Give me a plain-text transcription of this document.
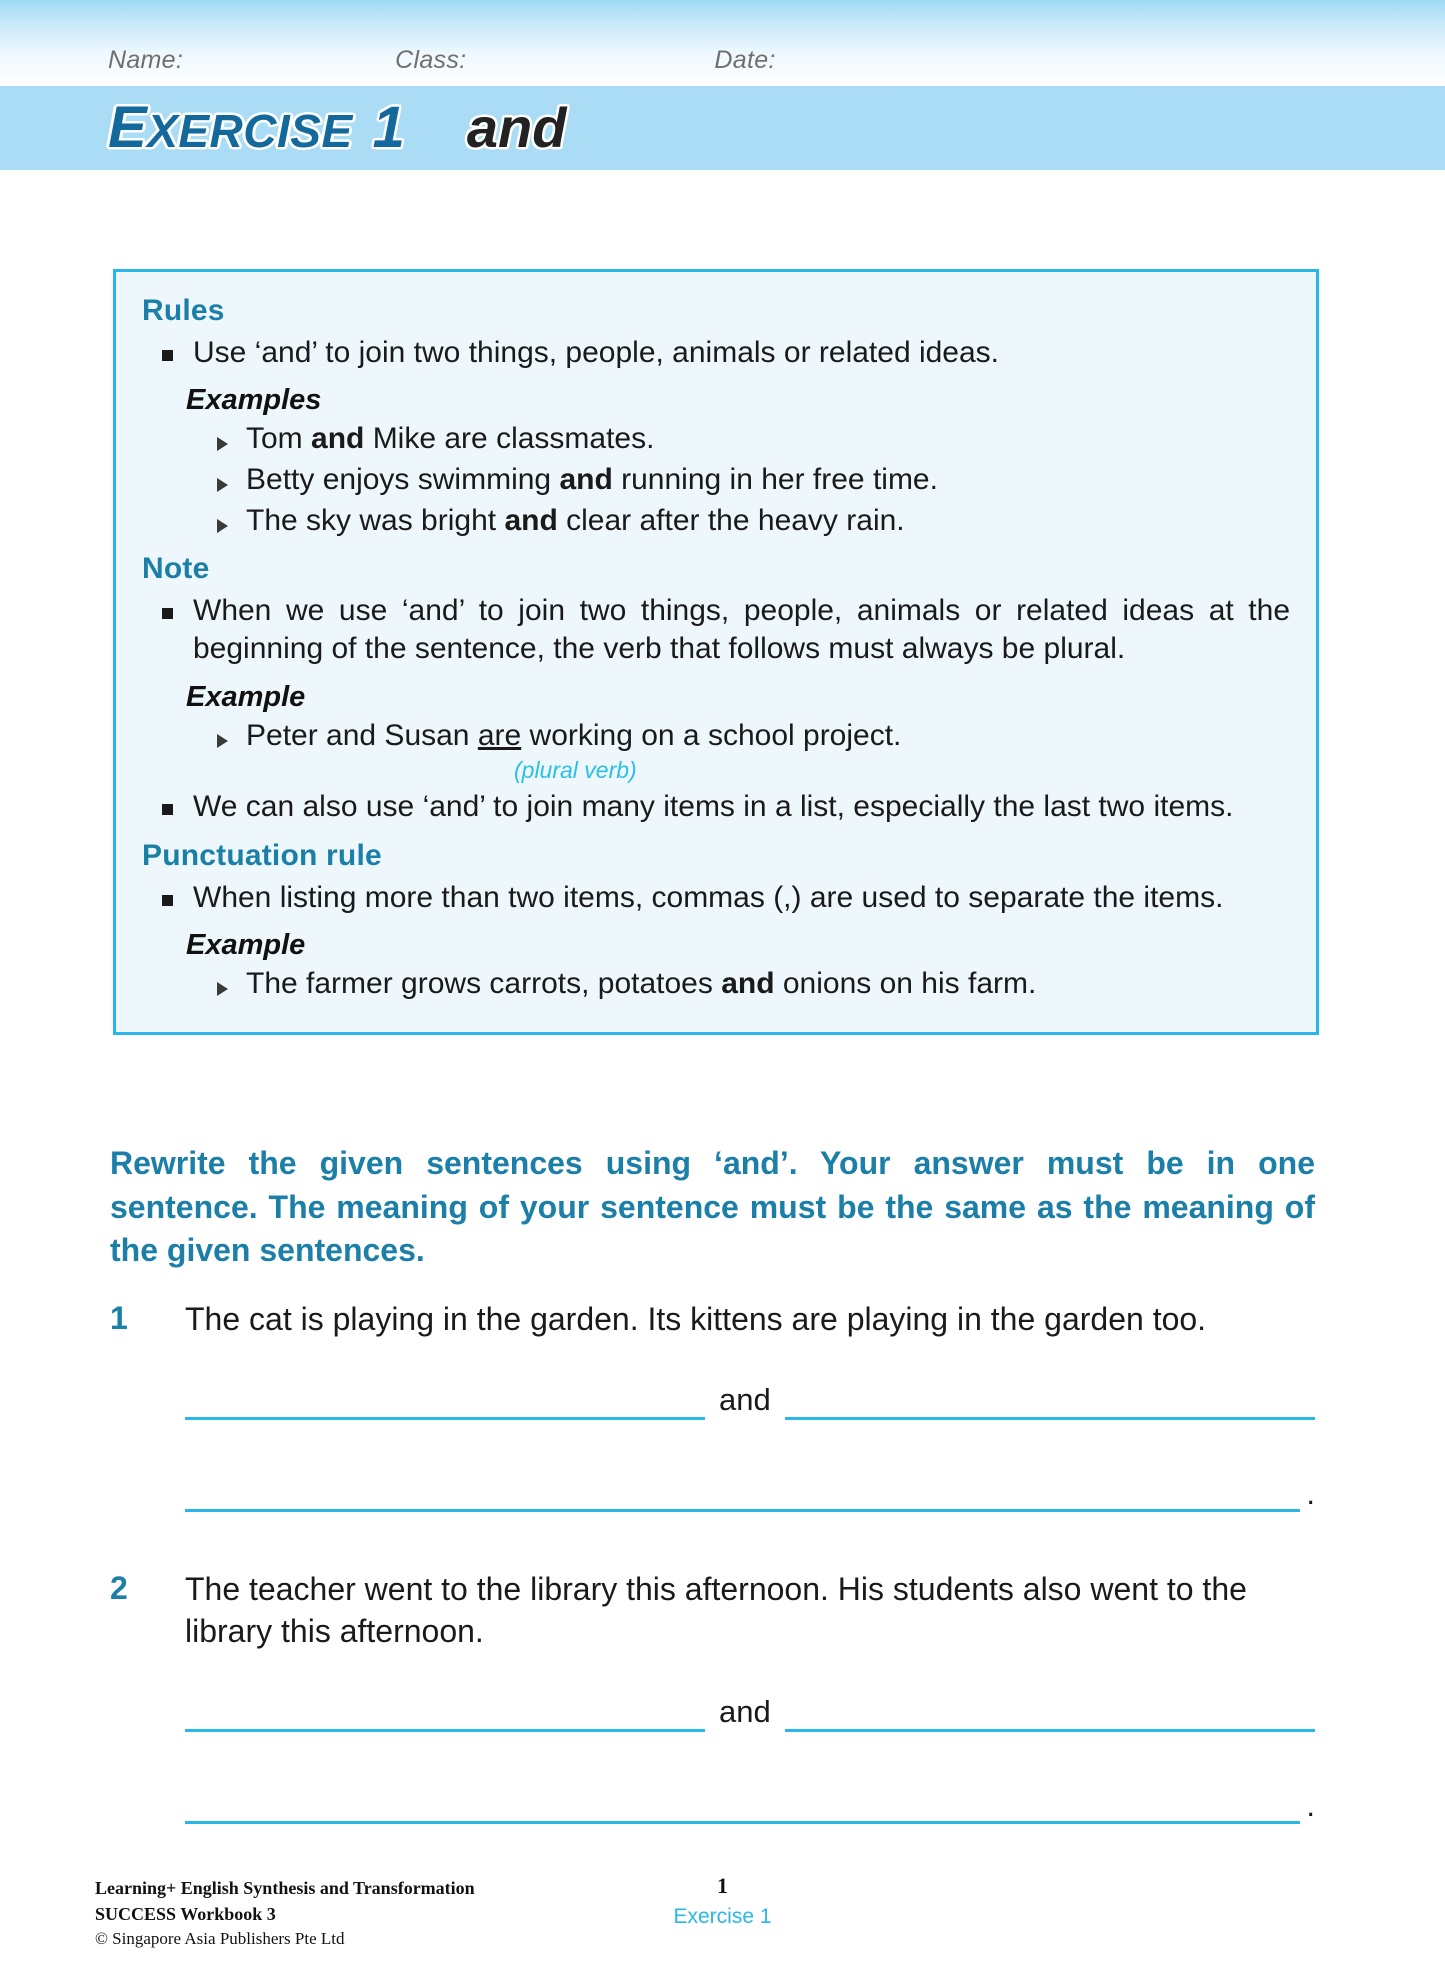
Name:	Class:	Date:
EXERCISE 1 and
Rules
Use ‘and’ to join two things, people, animals or related ideas.
Examples
Tom and Mike are classmates.
Betty enjoys swimming and running in her free time.
The sky was bright and clear after the heavy rain.
Note
When we use ‘and’ to join two things, people, animals or related ideas at the beginning of the sentence, the verb that follows must always be plural.
Example
Peter and Susan are working on a school project.
(plural verb)
We can also use ‘and’ to join many items in a list, especially the last two items.
Punctuation rule
When listing more than two items, commas (,) are used to separate the items.
Example
The farmer grows carrots, potatoes and onions on his farm.
Rewrite the given sentences using ‘and’. Your answer must be in one sentence. The meaning of your sentence must be the same as the meaning of the given sentences.
1	The cat is playing in the garden. Its kittens are playing in the garden too.
and
.
2	The teacher went to the library this afternoon. His students also went to the library this afternoon.
and
.
Learning+ English Synthesis and Transformation
SUCCESS Workbook 3
© Singapore Asia Publishers Pte Ltd
1
Exercise 1
